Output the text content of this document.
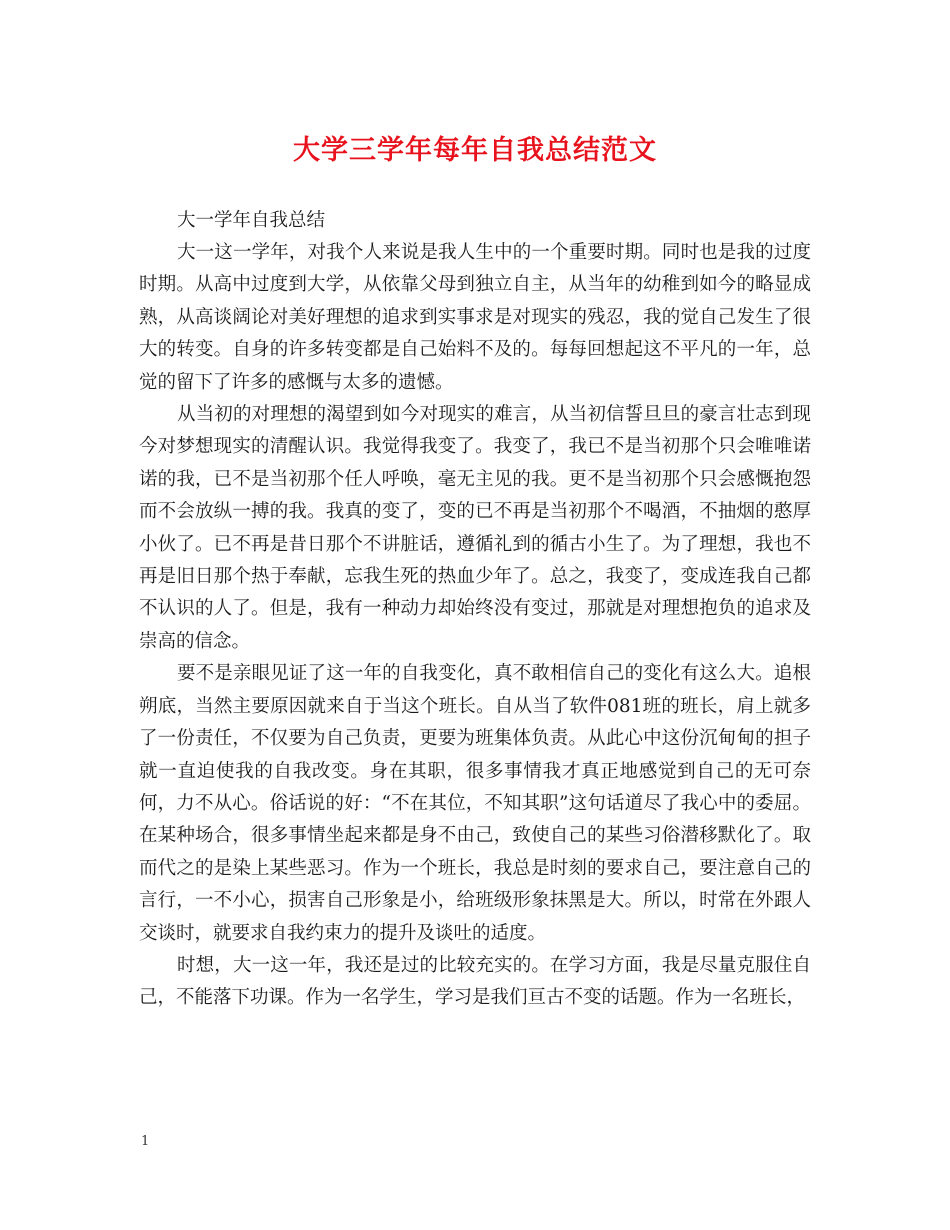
大学三学年每年自我总结范文

大一学年自我总结

大一这一学年，对我个人来说是我人生中的一个重要时期。同时也是我的过度时期。从高中过度到大学，从依靠父母到独立自主，从当年的幼稚到如今的略显成熟，从高谈阔论对美好理想的追求到实事求是对现实的残忍，我的觉自己发生了很大的转变。自身的许多转变都是自己始料不及的。每每回想起这不平凡的一年，总觉的留下了许多的感慨与太多的遗憾。

从当初的对理想的渴望到如今对现实的难言，从当初信誓旦旦的豪言壮志到现今对梦想现实的清醒认识。我觉得我变了。我变了，我已不是当初那个只会唯唯诺诺的我，已不是当初那个任人呼唤，毫无主见的我。更不是当初那个只会感慨抱怨而不会放纵一搏的我。我真的变了，变的已不再是当初那个不喝酒，不抽烟的憨厚小伙了。已不再是昔日那个不讲脏话，遵循礼到的循古小生了。为了理想，我也不再是旧日那个热于奉献，忘我生死的热血少年了。总之，我变了，变成连我自己都不认识的人了。但是，我有一种动力却始终没有变过，那就是对理想抱负的追求及崇高的信念。

要不是亲眼见证了这一年的自我变化，真不敢相信自己的变化有这么大。追根朔底，当然主要原因就来自于当这个班长。自从当了软件081班的班长，肩上就多了一份责任，不仅要为自己负责，更要为班集体负责。从此心中这份沉甸甸的担子就一直迫使我的自我改变。身在其职，很多事情我才真正地感觉到自己的无可奈何，力不从心。俗话说的好：“不在其位，不知其职”这句话道尽了我心中的委屈。在某种场合，很多事情坐起来都是身不由己，致使自己的某些习俗潜移默化了。取而代之的是染上某些恶习。作为一个班长，我总是时刻的要求自己，要注意自己的言行，一不小心，损害自己形象是小，给班级形象抹黑是大。所以，时常在外跟人交谈时，就要求自我约束力的提升及谈吐的适度。

时想，大一这一年，我还是过的比较充实的。在学习方面，我是尽量克服住自己，不能落下功课。作为一名学生，学习是我们亘古不变的话题。作为一名班长，

1
